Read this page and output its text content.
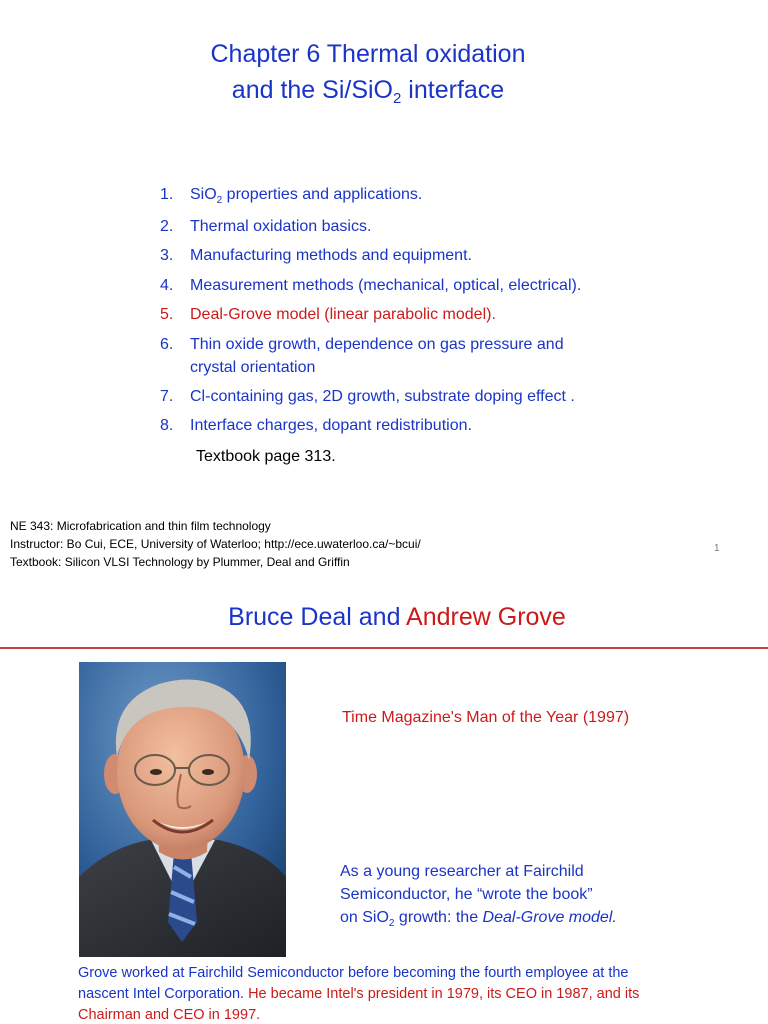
Chapter 6 Thermal oxidation
and the Si/SiO$_2$ interface
1. SiO$_2$ properties and applications.
2. Thermal oxidation basics.
3. Manufacturing methods and equipment.
4. Measurement methods (mechanical, optical, electrical).
5. Deal-Grove model (linear parabolic model).
6. Thin oxide growth, dependence on gas pressure and
crystal orientation
7. Cl-containing gas, 2D growth, substrate doping effect .
8. Interface charges, dopant redistribution.
Textbook page 313.
NE 343: Microfabrication and thin film technology
Instructor: Bo Cui, ECE, University of Waterloo; http://ece.uwaterloo.ca/~bcui/
Textbook: Silicon VLSI Technology by Plummer, Deal and Griffin
1
Bruce Deal and Andrew Grove
Time Magazine's Man of the Year (1997)
As a young researcher at Fairchild
Semiconductor, he “wrote the book”
on SiO$_2$ growth: the Deal-Grove model.
Grove worked at Fairchild Semiconductor before becoming the fourth employee at the
nascent Intel Corporation. He became Intel's president in 1979, its CEO in 1987, and its
Chairman and CEO in 1997.
